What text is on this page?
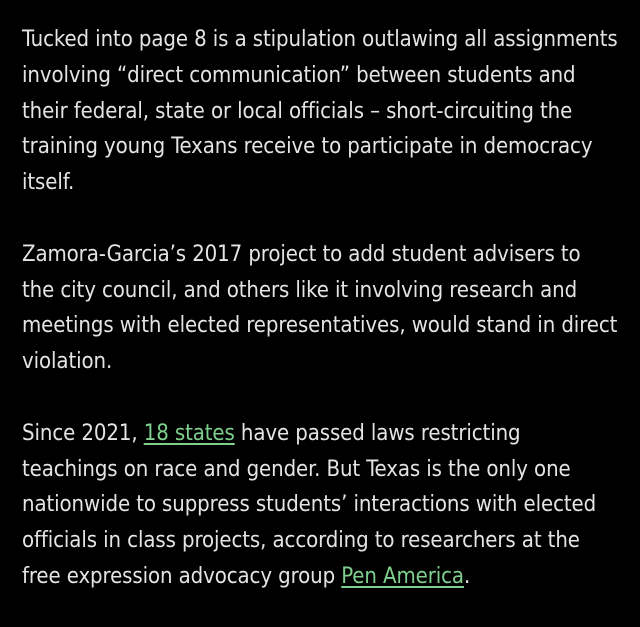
Tucked into page 8 is a stipulation outlawing all assignments involving “direct communication” between students and their federal, state or local officials – short-circuiting the training young Texans receive to participate in democracy itself.

Zamora-Garcia’s 2017 project to add student advisers to the city council, and others like it involving research and meetings with elected representatives, would stand in direct violation.

Since 2021, 18 states have passed laws restricting teachings on race and gender. But Texas is the only one nationwide to suppress students’ interactions with elected officials in class projects, according to researchers at the free expression advocacy group Pen America.
